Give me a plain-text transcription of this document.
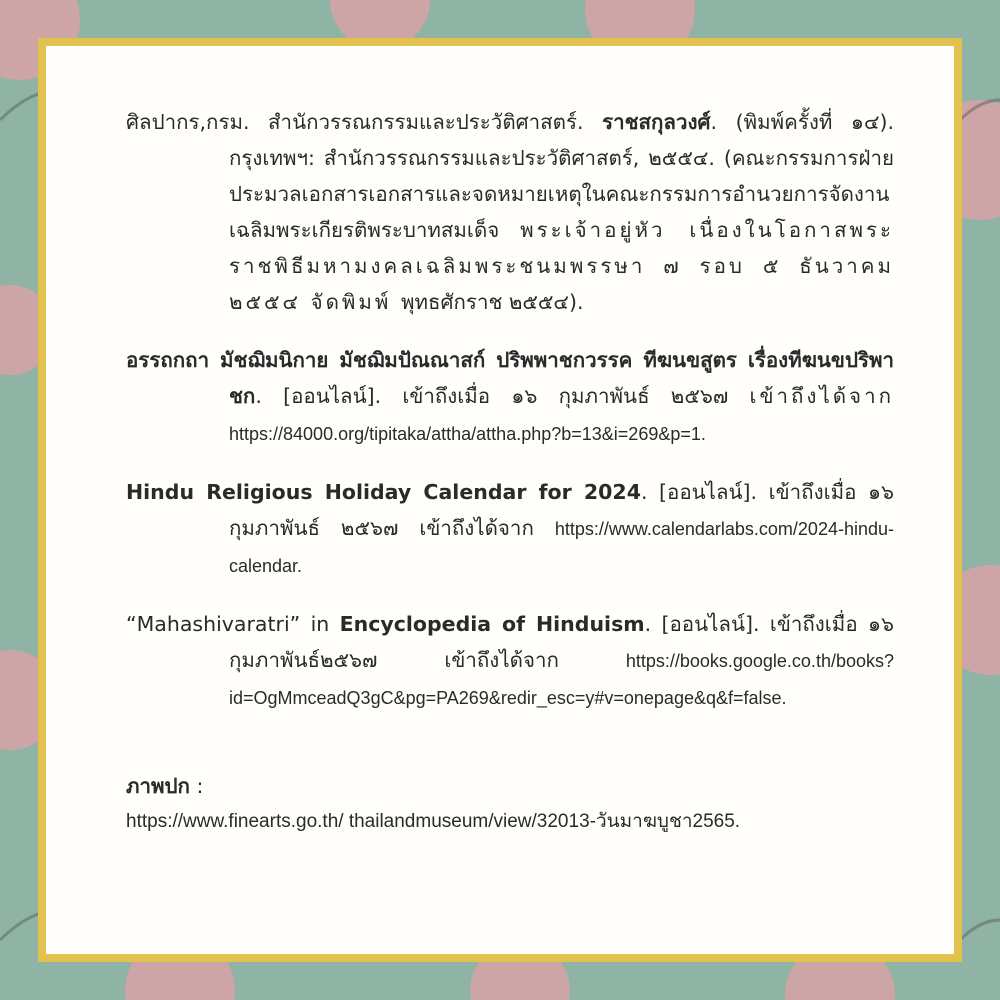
ศิลปากร,กรม. สำนักวรรณกรรมและประวัติศาสตร์. ราชสกุลวงศ์. (พิมพ์ครั้งที่ ๑๔). กรุงเทพฯ: สำนักวรรณกรรมและประวัติศาสตร์, ๒๕๕๔. (คณะกรรมการฝ่ายประมวลเอกสารเอกสารและจดหมายเหตุในคณะกรรมการอำนวยการจัดงานเฉลิมพระเกียรติพระบาทสมเด็จ พระเจ้าอยู่หัว เนื่องในโอกาสพระราชพิธีมหามงคลเฉลิมพระชนมพรรษา ๗ รอบ ๕ ธันวาคม ๒๕๕๔ จัดพิมพ์ พุทธศักราช ๒๕๕๔).

อรรถกถา มัชฌิมนิกาย มัชฌิมปัณณาสก์ ปริพพาชกวรรค ทีฆนขสูตร เรื่องทีฆนขปริพาชก. [ออนไลน์]. เข้าถึงเมื่อ ๑๖ กุมภาพันธ์ ๒๕๖๗ เข้าถึงได้จาก https://84000.org/tipitaka/attha/attha.php?b=13&i=269&p=1.

Hindu Religious Holiday Calendar for 2024. [ออนไลน์]. เข้าถึงเมื่อ ๑๖ กุมภาพันธ์ ๒๕๖๗ เข้าถึงได้จาก https://www.calendarlabs.com/2024-hindu-calendar.

“Mahashivaratri” in Encyclopedia of Hinduism. [ออนไลน์]. เข้าถึงเมื่อ ๑๖ กุมภาพันธ์๒๕๖๗ เข้าถึงได้จาก https://books.google.co.th/books?id=OgMmceadQ3gC&pg=PA269&redir_esc=y#v=onepage&q&f=false.

ภาพปก :
https://www.finearts.go.th/ thailandmuseum/view/32013-วันมาฆบูชา2565.
